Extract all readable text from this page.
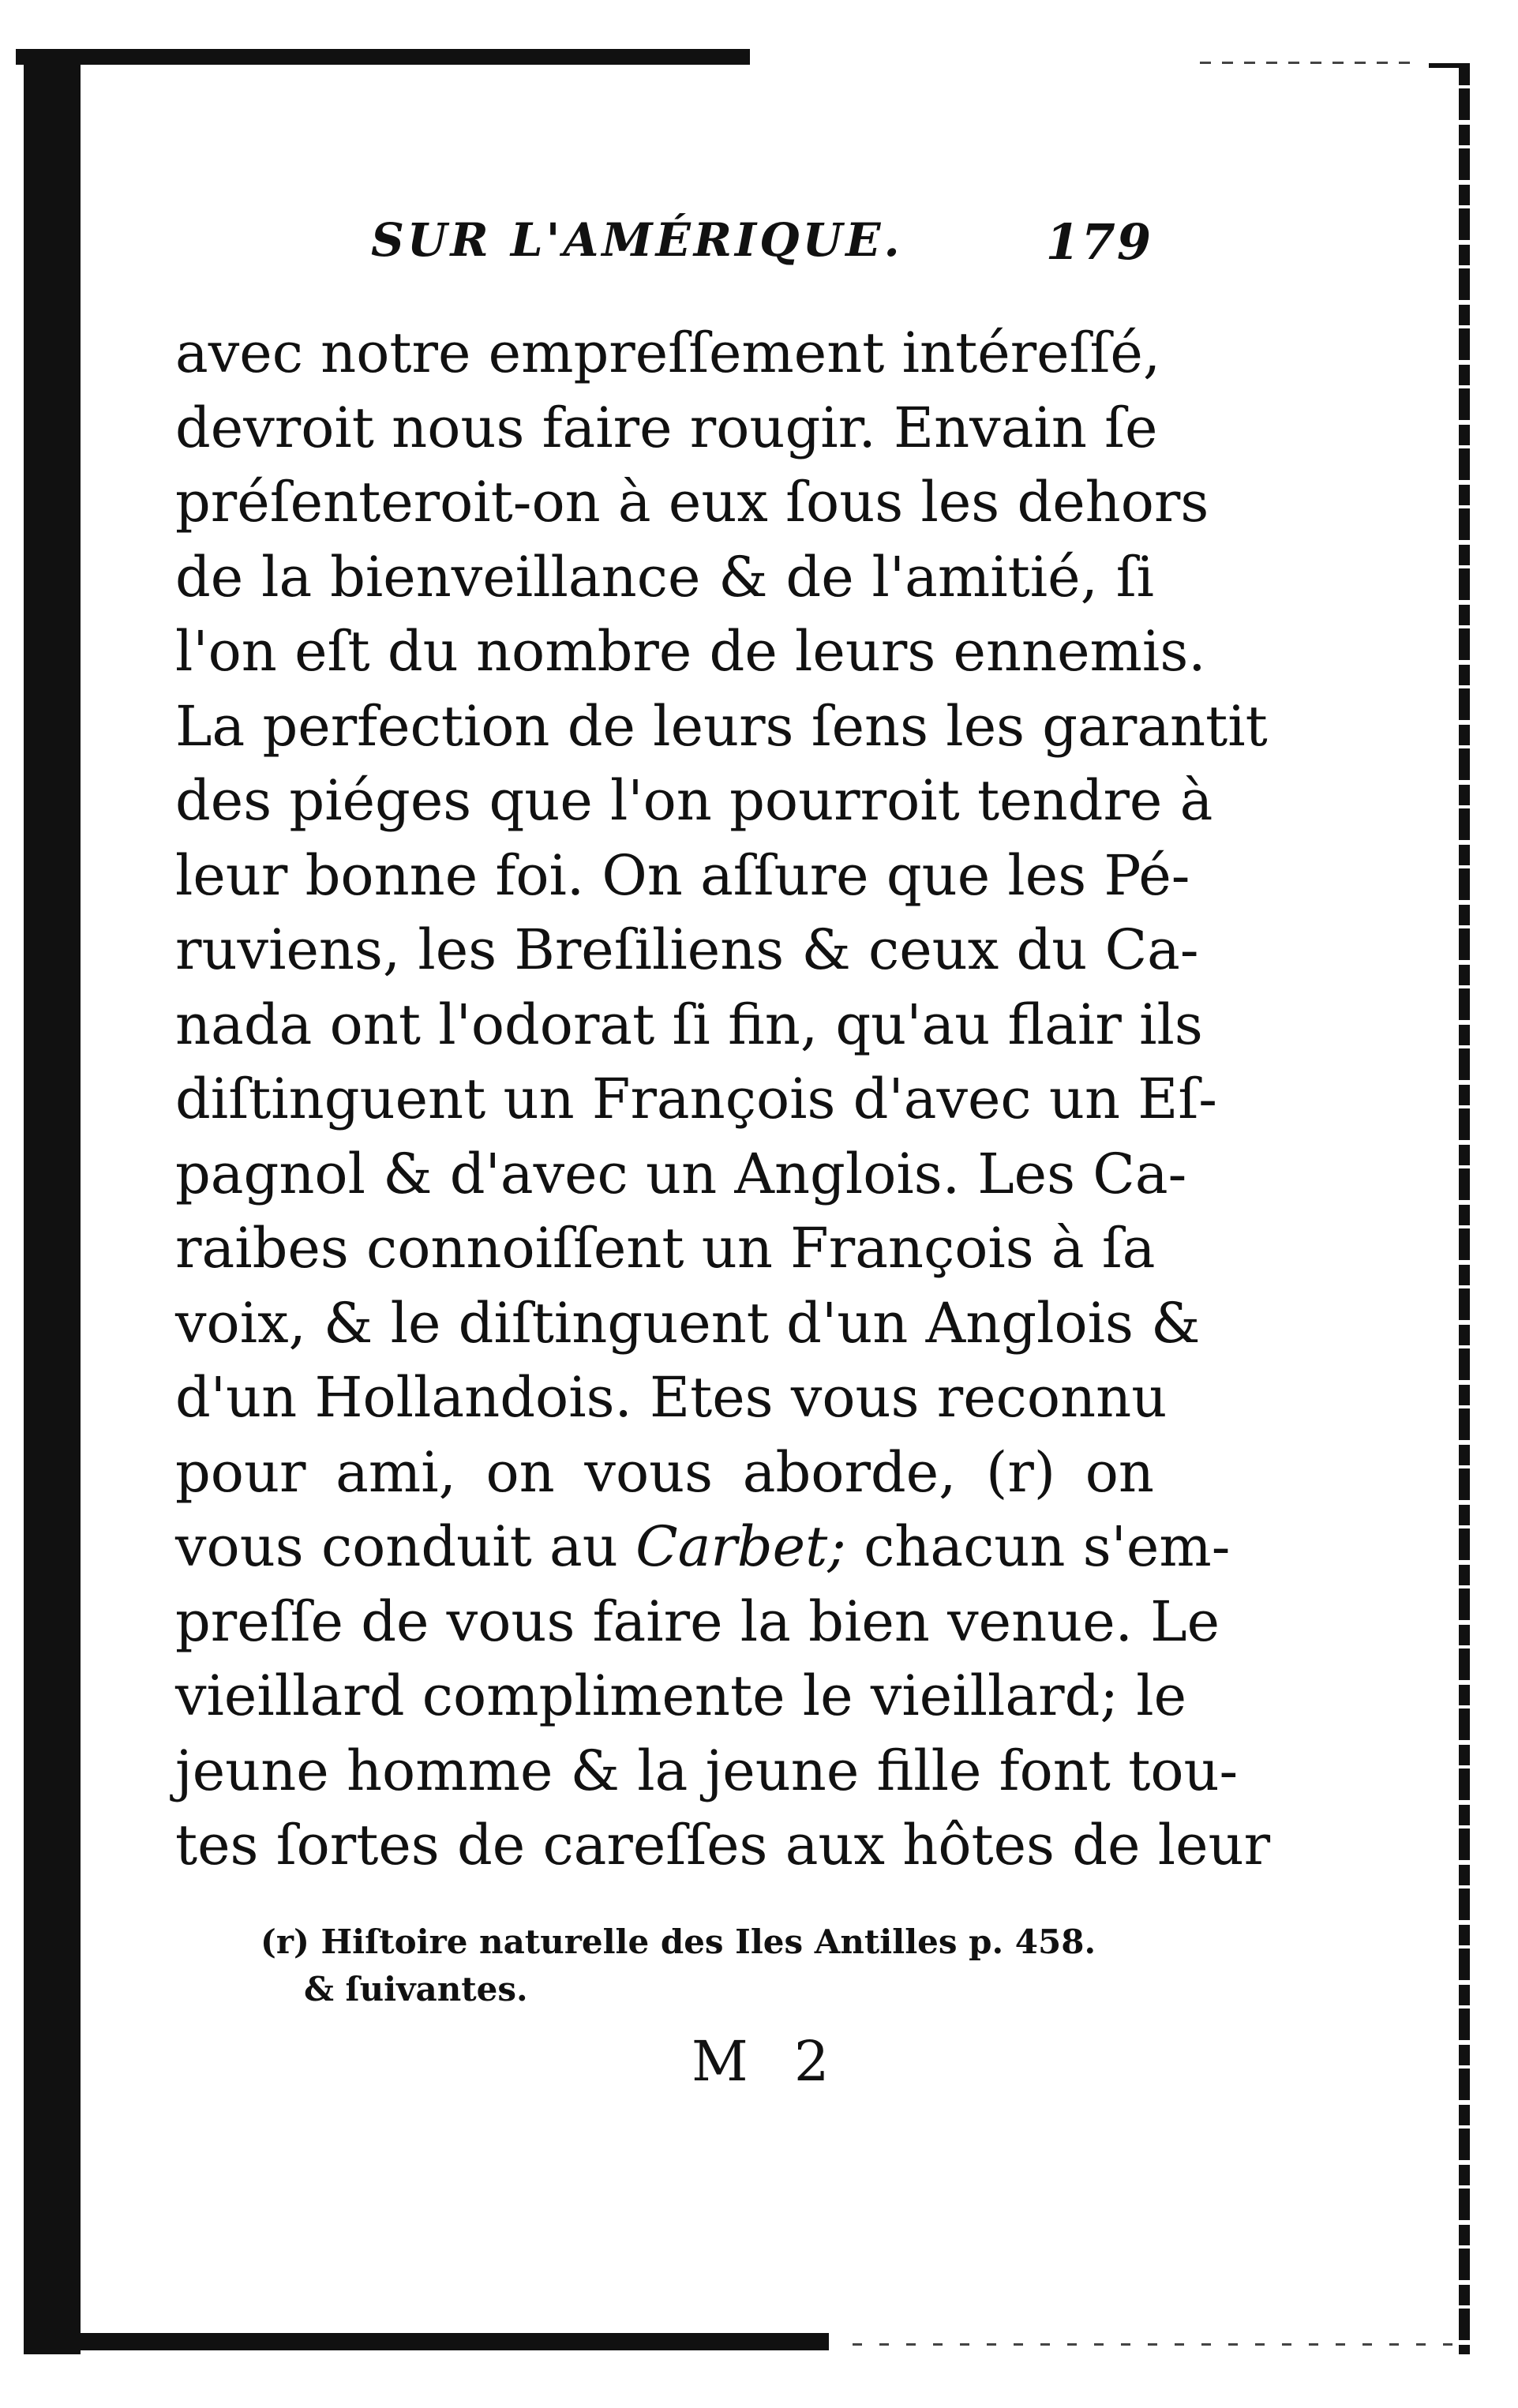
SUR L'AMÉRIQUE.	179
avec notre empreſſement intéreſſé,
devroit nous faire rougir. Envain ſe
préſenteroit-on à eux ſous les dehors
de la bienveillance & de l'amitié, ſi
l'on eſt du nombre de leurs ennemis.
La perfection de leurs ſens les garantit
des piéges que l'on pourroit tendre à
leur bonne foi. On aſſure que les Pé-
ruviens, les Breſiliens & ceux du Ca-
nada ont l'odorat ſi fin, qu'au flair ils
diſtinguent un François d'avec un Eſ-
pagnol & d'avec un Anglois. Les Ca-
raibes connoiſſent un François à ſa
voix, & le diſtinguent d'un Anglois &
d'un Hollandois. Etes vous reconnu
pour ami, on vous aborde, (r) on
vous conduit au Carbet; chacun s'em-
preſſe de vous faire la bien venue. Le
vieillard complimente le vieillard; le
jeune homme & la jeune fille font tou-
tes ſortes de careſſes aux hôtes de leur
(r) Hiſtoire naturelle des Iles Antilles p. 458.
& ſuivantes.
M 2
